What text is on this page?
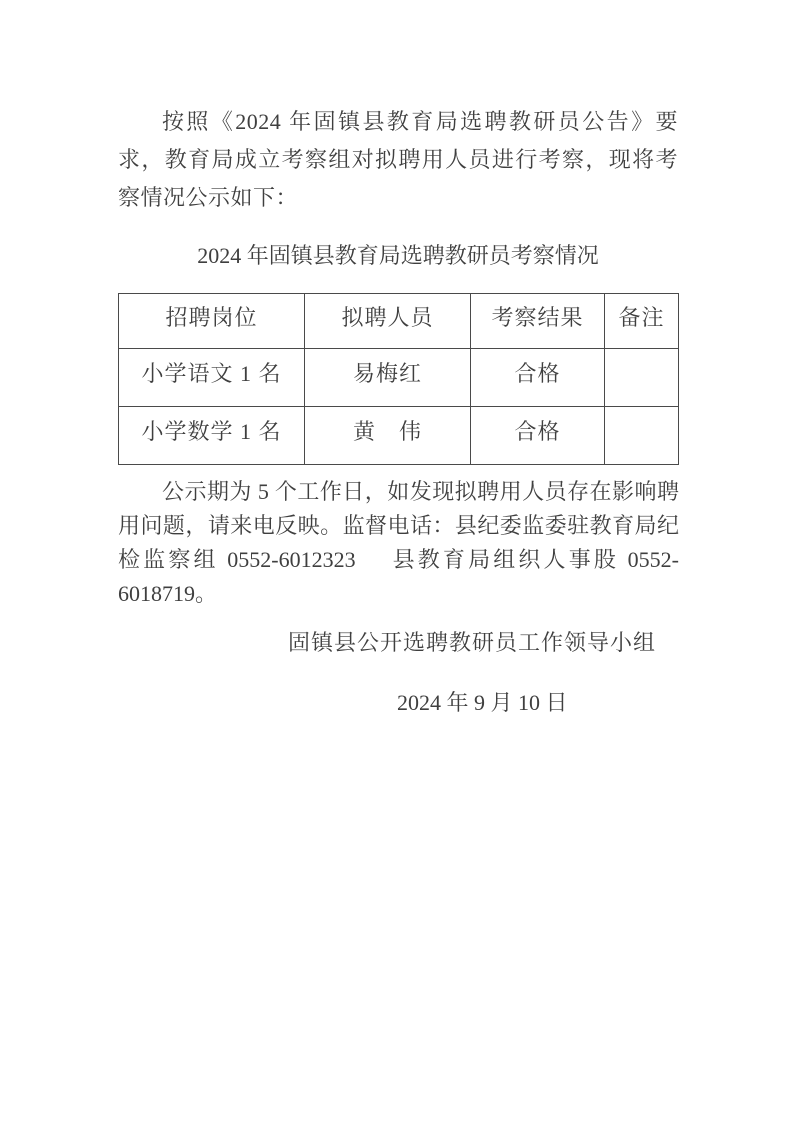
按照《2024 年固镇县教育局选聘教研员公告》要求，教育局成立考察组对拟聘用人员进行考察，现将考察情况公示如下：

2024 年固镇县教育局选聘教研员考察情况
招聘岗位	拟聘人员	考察结果	备注
小学语文 1 名	易梅红	合格	
小学数学 1 名	黄　伟	合格	

公示期为 5 个工作日，如发现拟聘用人员存在影响聘用问题，请来电反映。监督电话：县纪委监委驻教育局纪检监察组 0552-6012323　 县教育局组织人事股 0552-6018719。

固镇县公开选聘教研员工作领导小组
2024 年 9 月 10 日
